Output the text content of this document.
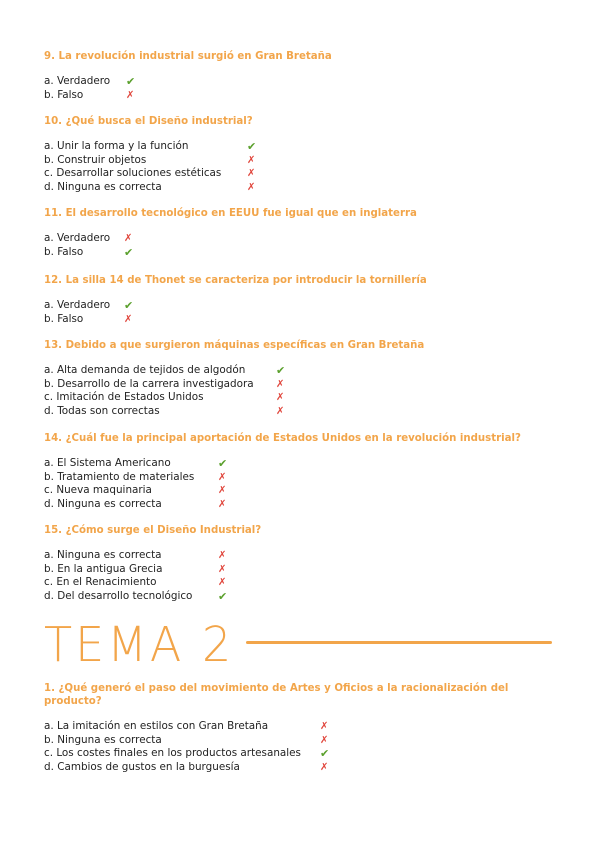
9. La revolución industrial surgió en Gran Bretaña

a. Verdadero ✔
b. Falso	✗

10. ¿Qué busca el Diseño industrial?

a. Unir la forma y la función	✔
b. Construir objetos	✗
c. Desarrollar soluciones estéticas	✗
d. Ninguna es correcta	✗

11. El desarrollo tecnológico en EEUU fue igual que en inglaterra

a. Verdadero ✗
b. Falso	✔

12. La silla 14 de Thonet se caracteriza por introducir la tornillería

a. Verdadero ✔
b. Falso	✗

13. Debido a que surgieron máquinas específicas en Gran Bretaña

a. Alta demanda de tejidos de algodón	✔
b. Desarrollo de la carrera investigadora ✗
c. Imitación de Estados Unidos	✗
d. Todas son correctas	✗

14. ¿Cuál fue la principal aportación de Estados Unidos en la revolución industrial?

a. El Sistema Americano	✔
b. Tratamiento de materiales ✗
c. Nueva maquinaria	✗
d. Ninguna es correcta	✗

15. ¿Cómo surge el Diseño Industrial?

a. Ninguna es correcta	✗
b. En la antigua Grecia	✗
c. En el Renacimiento	✗
d. Del desarrollo tecnológico ✔
TEMA 2

1. ¿Qué generó el paso del movimiento de Artes y Oficios a la racionalización del producto?

a. La imitación en estilos con Gran Bretaña	✗
b. Ninguna es correcta	✗
c. Los costes finales en los productos artesanales ✔
d. Cambios de gustos en la burguesía	✗
